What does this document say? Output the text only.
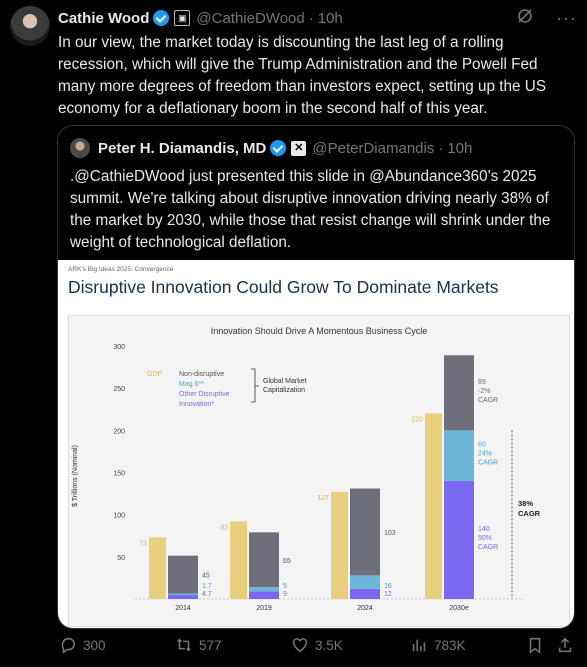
Cathie Wood	▣ @CathieDWood · 10h	···
In our view, the market today is discounting the last leg of a rolling recession, which will give the Trump Administration and the Powell Fed many more degrees of freedom than investors expect, setting up the US economy for a deflationary boom in the second half of this year.
Peter H. Diamandis, MD	✕ @PeterDiamandis · 10h
.@CathieDWood just presented this slide in @Abundance360's 2025 summit. We're talking about disruptive innovation driving nearly 38% of the market by 2030, while those that resist change will shrink under the weight of technological deflation.
ARK's Big Ideas 2025: Convergence
Disruptive Innovation Could Grow To Dominate Markets
Innovation Should Drive A Momentous Business Cycle
$ Trillions (Nominal)
50
100
150
200
250
300
73
2014
45
4.7
1.7
92
2019
65
9
5
127
2024
103
12
16
220
2030e
89
-2%
CAGR
60
24%
CAGR
140
50%
CAGR
38%
CAGR
GDP Non-disruptive
Mag 6**
Other Disruptive
Innovation*
Global Market
Capitalization
300	577	3.5K	783K
